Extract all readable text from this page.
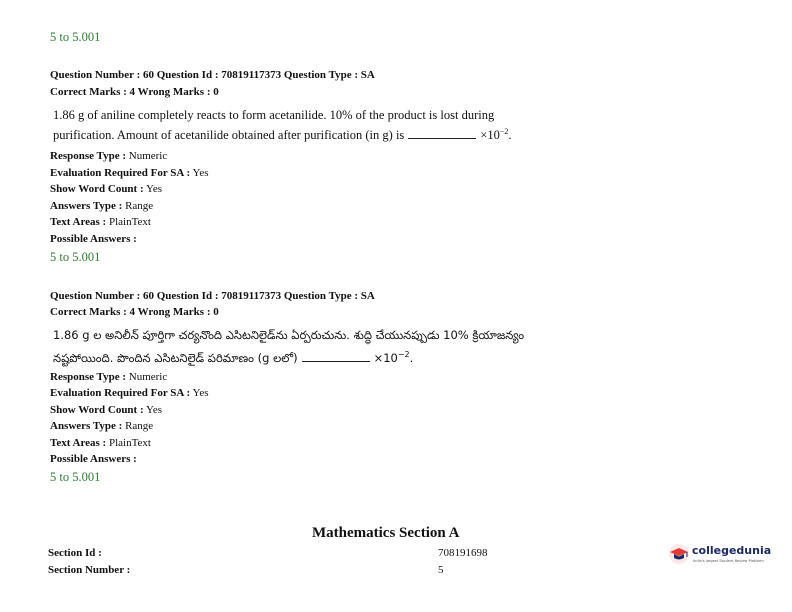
5 to 5.001
Question Number : 60 Question Id : 70819117373 Question Type : SA
Correct Marks : 4 Wrong Marks : 0
1.86 g of aniline completely reacts to form acetanilide. 10% of the product is lost during
purification. Amount of acetanilide obtained after purification (in g) is	$\times 10^{-2}$.
Response Type : Numeric
Evaluation Required For SA : Yes
Show Word Count : Yes
Answers Type : Range
Text Areas : PlainText
Possible Answers :
5 to 5.001
Question Number : 60 Question Id : 70819117373 Question Type : SA
Correct Marks : 4 Wrong Marks : 0
1.86 g ల అనిలీన్ పూర్తిగా చర్యనొంది ఎసిటనిలైడ్‌ను ఏర్పరుచును. శుద్ధి చేయునప్పుడు 10% క్రియాజన్యం
నష్టపోయింది. పొందిన ఎసిటనిలైడ్ పరిమాణం (g లలో)	$\times 10^{-2}$.
Response Type : Numeric
Evaluation Required For SA : Yes
Show Word Count : Yes
Answers Type : Range
Text Areas : PlainText
Possible Answers :
5 to 5.001
Mathematics Section A
Section Id :	708191698
Section Number :	5
collegedunia
India's largest Student Review Platform
